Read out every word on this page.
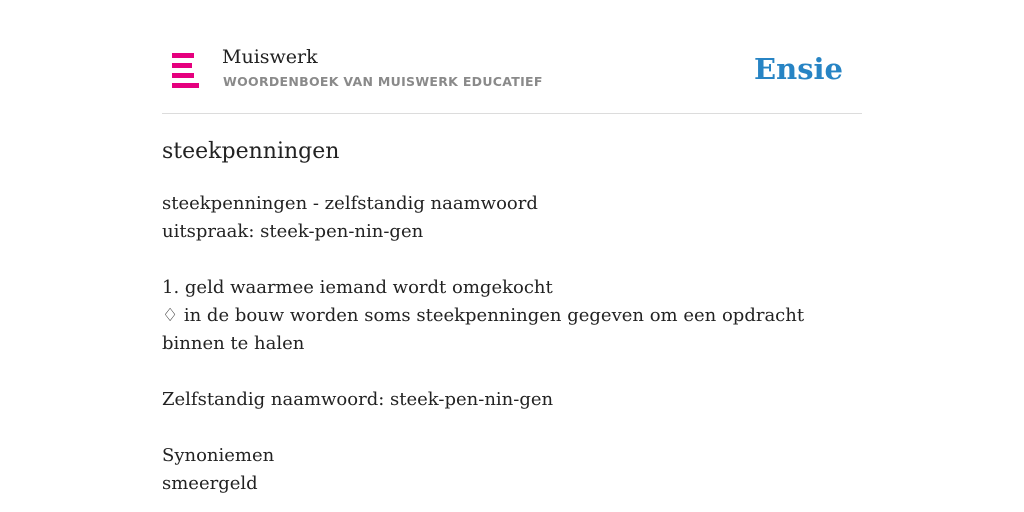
Muiswerk
WOORDENBOEK VAN MUISWERK EDUCATIEF	Ensie
steekpenningen
steekpenningen - zelfstandig naamwoord
uitspraak: steek-pen-nin-gen
1. geld waarmee iemand wordt omgekocht
♢ in de bouw worden soms steekpenningen gegeven om een opdracht binnen te halen
Zelfstandig naamwoord: steek-pen-nin-gen
Synoniemen
smeergeld
